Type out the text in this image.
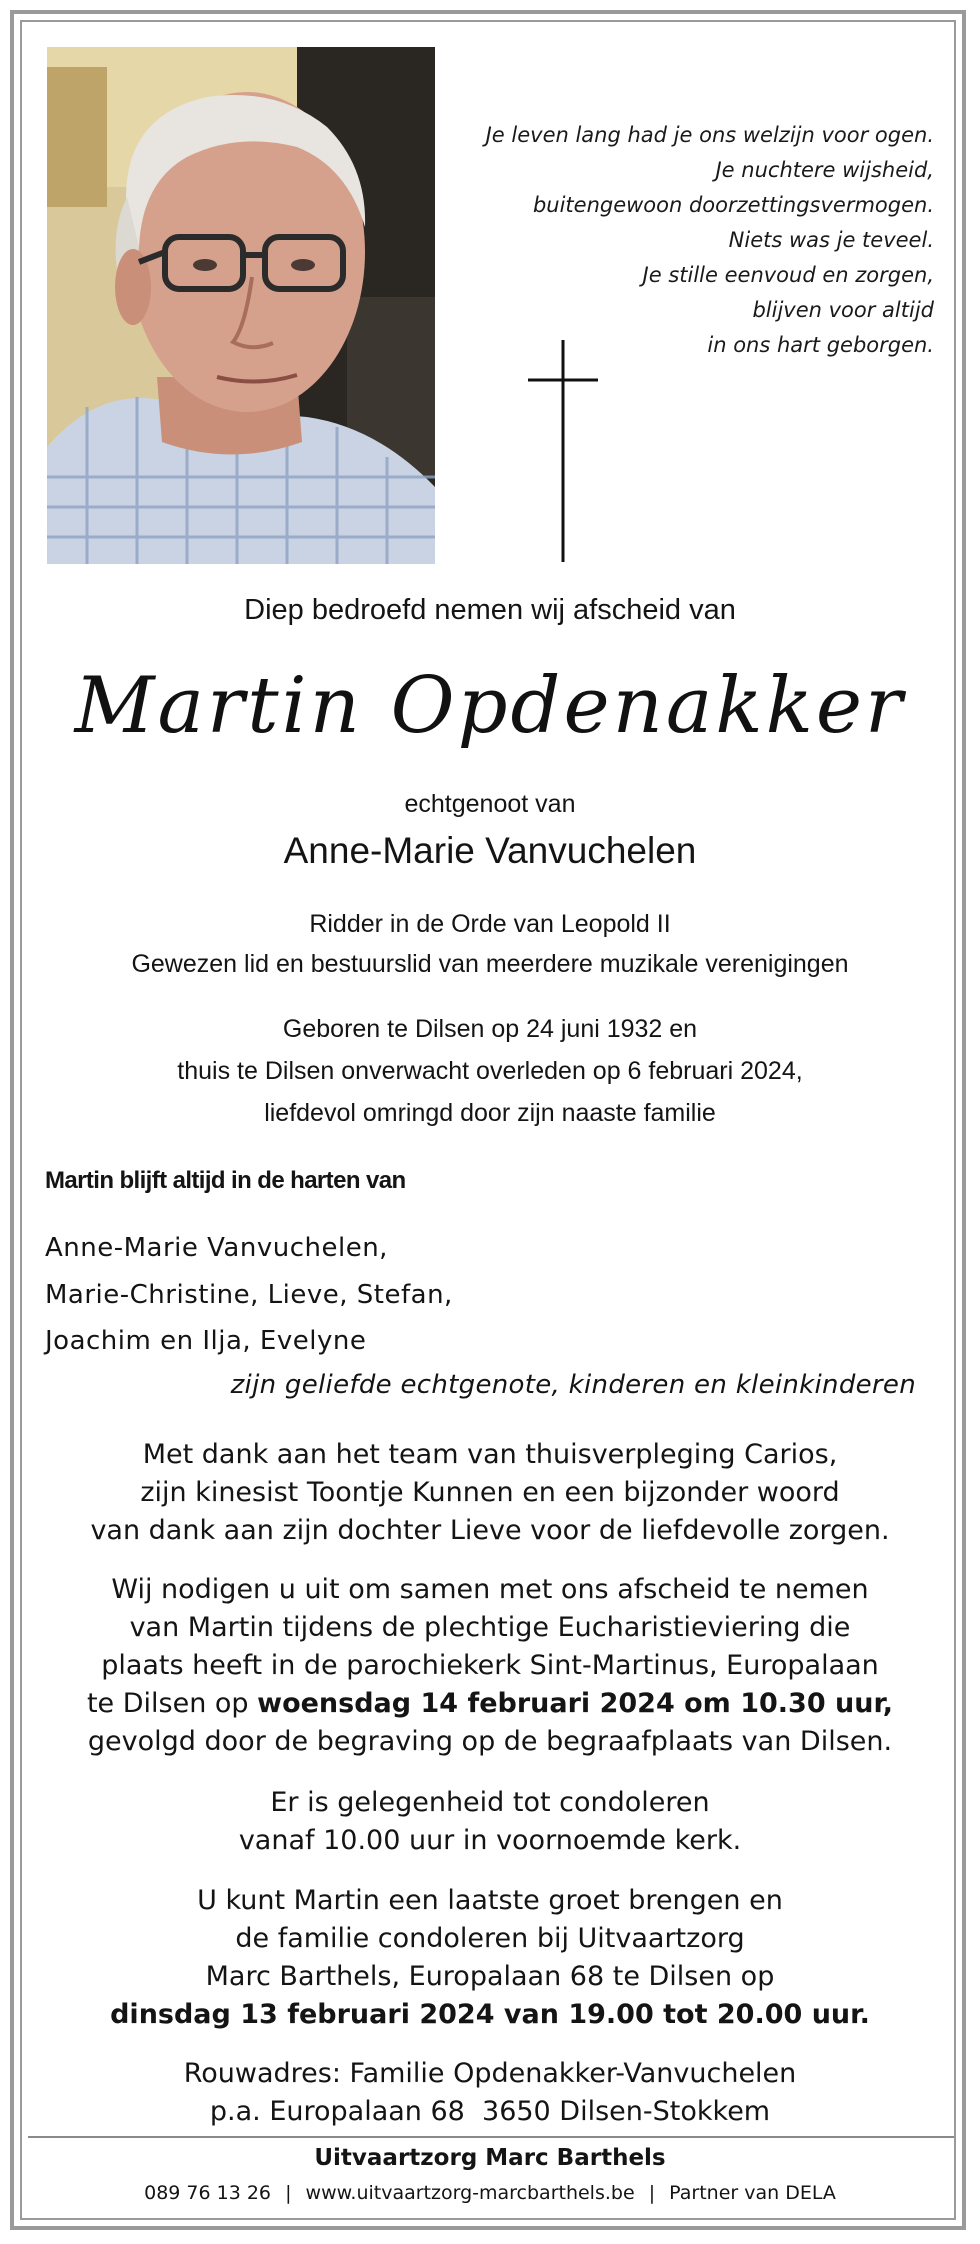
Je leven lang had je ons welzijn voor ogen.
Je nuchtere wijsheid,
buitengewoon doorzettingsvermogen.
Niets was je teveel.
Je stille eenvoud en zorgen,
blijven voor altijd
in ons hart geborgen.
Diep bedroefd nemen wij afscheid van
Martin Opdenakker
echtgenoot van
Anne-Marie Vanvuchelen
Ridder in de Orde van Leopold II
Gewezen lid en bestuurslid van meerdere muzikale verenigingen
Geboren te Dilsen op 24 juni 1932 en
thuis te Dilsen onverwacht overleden op 6 februari 2024,
liefdevol omringd door zijn naaste familie
Martin blijft altijd in de harten van
Anne-Marie Vanvuchelen,
Marie-Christine, Lieve, Stefan,
Joachim en Ilja, Evelyne
zijn geliefde echtgenote, kinderen en kleinkinderen
Met dank aan het team van thuisverpleging Carios,
zijn kinesist Toontje Kunnen en een bijzonder woord
van dank aan zijn dochter Lieve voor de liefdevolle zorgen.
Wij nodigen u uit om samen met ons afscheid te nemen
van Martin tijdens de plechtige Eucharistieviering die
plaats heeft in de parochiekerk Sint-Martinus, Europalaan
te Dilsen op woensdag 14 februari 2024 om 10.30 uur,
gevolgd door de begraving op de begraafplaats van Dilsen.
Er is gelegenheid tot condoleren
vanaf 10.00 uur in voornoemde kerk.
U kunt Martin een laatste groet brengen en
de familie condoleren bij Uitvaartzorg
Marc Barthels, Europalaan 68 te Dilsen op
dinsdag 13 februari 2024 van 19.00 tot 20.00 uur.
Rouwadres: Familie Opdenakker-Vanvuchelen
p.a. Europalaan 68  3650 Dilsen-Stokkem
Uitvaartzorg Marc Barthels
089 76 13 26 | www.uitvaartzorg-marcbarthels.be | Partner van DELA
